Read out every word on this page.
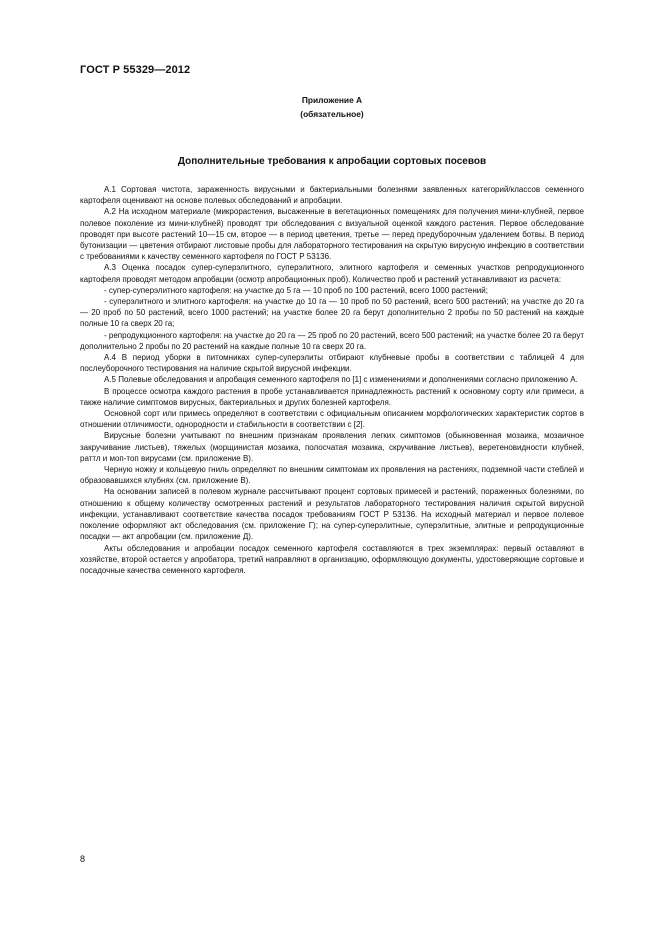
ГОСТ Р 55329—2012
Приложение А
(обязательное)
Дополнительные требования к апробации сортовых посевов

А.1 Сортовая чистота, зараженность вирусными и бактериальными болезнями заявленных категорий/классов семенного картофеля оценивают на основе полевых обследований и апробации.

А.2 На исходном материале (микрорастения, высаженные в вегетационных помещениях для получения мини-клубней, первое полевое поколение из мини-клубней) проводят три обследования с визуальной оценкой каждого растения. Первое обследование проводят при высоте растений 10—15 см, второе — в период цветения, третье — перед предуборочным удалением ботвы. В период бутонизации — цветения отбирают листовые пробы для лабораторного тестирования на скрытую вирусную инфекцию в соответствии с требованиями к качеству семенного картофеля по ГОСТ Р 53136.

А.3 Оценка посадок супер-суперэлитного, суперэлитного, элитного картофеля и семенных участков репродукционного картофеля проводят методом апробации (осмотр апробационных проб). Количество проб и растений устанавливают из расчета:

- супер-суперэлитного картофеля: на участке до 5 га — 10 проб по 100 растений, всего 1000 растений;

- суперэлитного и элитного картофеля: на участке до 10 га — 10 проб по 50 растений, всего 500 растений; на участке до 20 га — 20 проб по 50 растений, всего 1000 растений; на участке более 20 га берут дополнительно 2 пробы по 50 растений на каждые полные 10 га сверх 20 га;

- репродукционного картофеля: на участке до 20 га — 25 проб по 20 растений, всего 500 растений; на участке более 20 га берут дополнительно 2 пробы по 20 растений на каждые полные 10 га сверх 20 га.

А.4 В период уборки в питомниках супер-суперэлиты отбирают клубневые пробы в соответствии с таблицей 4 для послеуборочного тестирования на наличие скрытой вирусной инфекции.

А.5 Полевые обследования и апробация семенного картофеля по [1] с изменениями и дополнениями согласно приложению А.

В процессе осмотра каждого растения в пробе устанавливается принадлежность растений к основному сорту или примеси, а также наличие симптомов вирусных, бактериальных и других болезней картофеля.

Основной сорт или примесь определяют в соответствии с официальным описанием морфологических характеристик сортов в отношении отличимости, однородности и стабильности в соответствии с [2].

Вирусные болезни учитывают по внешним признакам проявления легких симптомов (обыкновенная мозаика, мозаичное закручивание листьев), тяжелых (морщинистая мозаика, полосчатая мозаика, скручивание листьев), веретеновидности клубней, раттл и моп-топ вирусами (см. приложение В).

Черную ножку и кольцевую гниль определяют по внешним симптомам их проявления на растениях, подземной части стеблей и образовавшихся клубнях (см. приложение В).

На основании записей в полевом журнале рассчитывают процент сортовых примесей и растений, пораженных болезнями, по отношению к общему количеству осмотренных растений и результатов лабораторного тестирования наличия скрытой вирусной инфекции, устанавливают соответствие качества посадок требованиям ГОСТ Р 53136. На исходный материал и первое полевое поколение оформляют акт обследования (см. приложение Г); на супер-суперэлитные, суперэлитные, элитные и репродукционные посадки — акт апробации (см. приложение Д).

Акты обследования и апробации посадок семенного картофеля составляются в трех экземплярах: первый оставляют в хозяйстве, второй остается у апробатора, третий направляют в организацию, оформляющую документы, удостоверяющие сортовые и посадочные качества семенного картофеля.

8
